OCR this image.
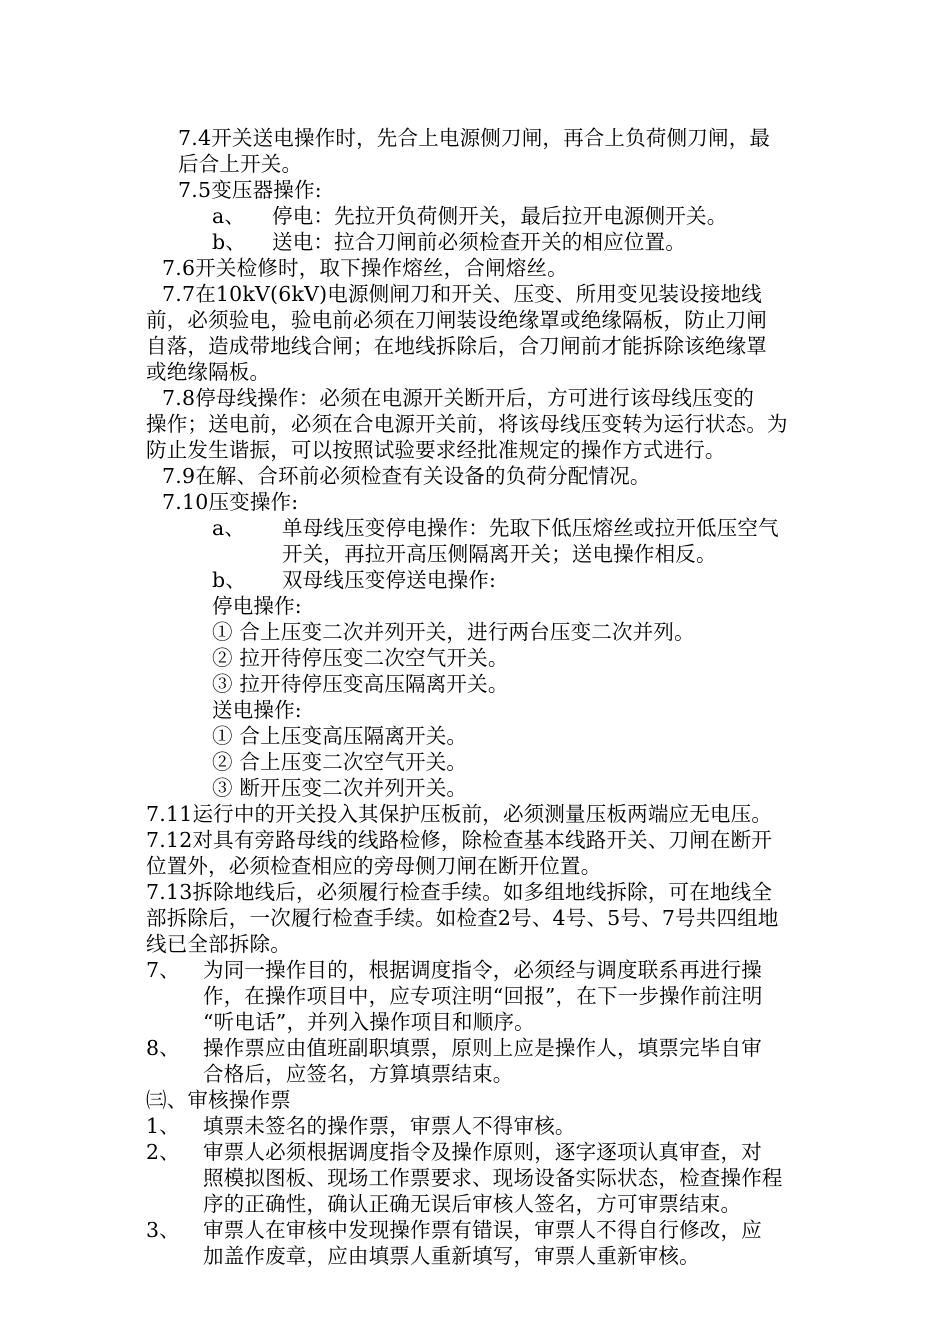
7.4开关送电操作时，先合上电源侧刀闸，再合上负荷侧刀闸，最
后合上开关。
7.5变压器操作:
a、 停电：先拉开负荷侧开关，最后拉开电源侧开关。
b、 送电：拉合刀闸前必须检查开关的相应位置。
7.6开关检修时，取下操作熔丝，合闸熔丝。
7.7在10kV(6kV)电源侧闸刀和开关、压变、所用变见装设接地线
前，必须验电，验电前必须在刀闸装设绝缘罩或绝缘隔板，防止刀闸
自落，造成带地线合闸；在地线拆除后，合刀闸前才能拆除该绝缘罩
或绝缘隔板。
7.8停母线操作：必须在电源开关断开后，方可进行该母线压变的
操作；送电前，必须在合电源开关前，将该母线压变转为运行状态。为
防止发生谐振，可以按照试验要求经批准规定的操作方式进行。
7.9在解、合环前必须检查有关设备的负荷分配情况。
7.10压变操作:
a、 单母线压变停电操作：先取下低压熔丝或拉开低压空气
开关，再拉开高压侧隔离开关；送电操作相反。
b、 双母线压变停送电操作:
停电操作:
① 合上压变二次并列开关，进行两台压变二次并列。
② 拉开待停压变二次空气开关。
③ 拉开待停压变高压隔离开关。
送电操作:
① 合上压变高压隔离开关。
② 合上压变二次空气开关。
③ 断开压变二次并列开关。
7.11运行中的开关投入其保护压板前，必须测量压板两端应无电压。
7.12对具有旁路母线的线路检修，除检查基本线路开关、刀闸在断开
位置外，必须检查相应的旁母侧刀闸在断开位置。
7.13拆除地线后，必须履行检查手续。如多组地线拆除，可在地线全
部拆除后，一次履行检查手续。如检查2号、4号、5号、7号共四组地
线已全部拆除。
7、 为同一操作目的，根据调度指令，必须经与调度联系再进行操
作，在操作项目中，应专项注明“回报”，在下一步操作前注明
“听电话”，并列入操作项目和顺序。
8、 操作票应由值班副职填票，原则上应是操作人，填票完毕自审
合格后，应签名，方算填票结束。
㈢、审核操作票
1、 填票未签名的操作票，审票人不得审核。
2、 审票人必须根据调度指令及操作原则，逐字逐项认真审查，对
照模拟图板、现场工作票要求、现场设备实际状态，检查操作程
序的正确性，确认正确无误后审核人签名，方可审票结束。
3、 审票人在审核中发现操作票有错误，审票人不得自行修改，应
加盖作废章，应由填票人重新填写，审票人重新审核。
